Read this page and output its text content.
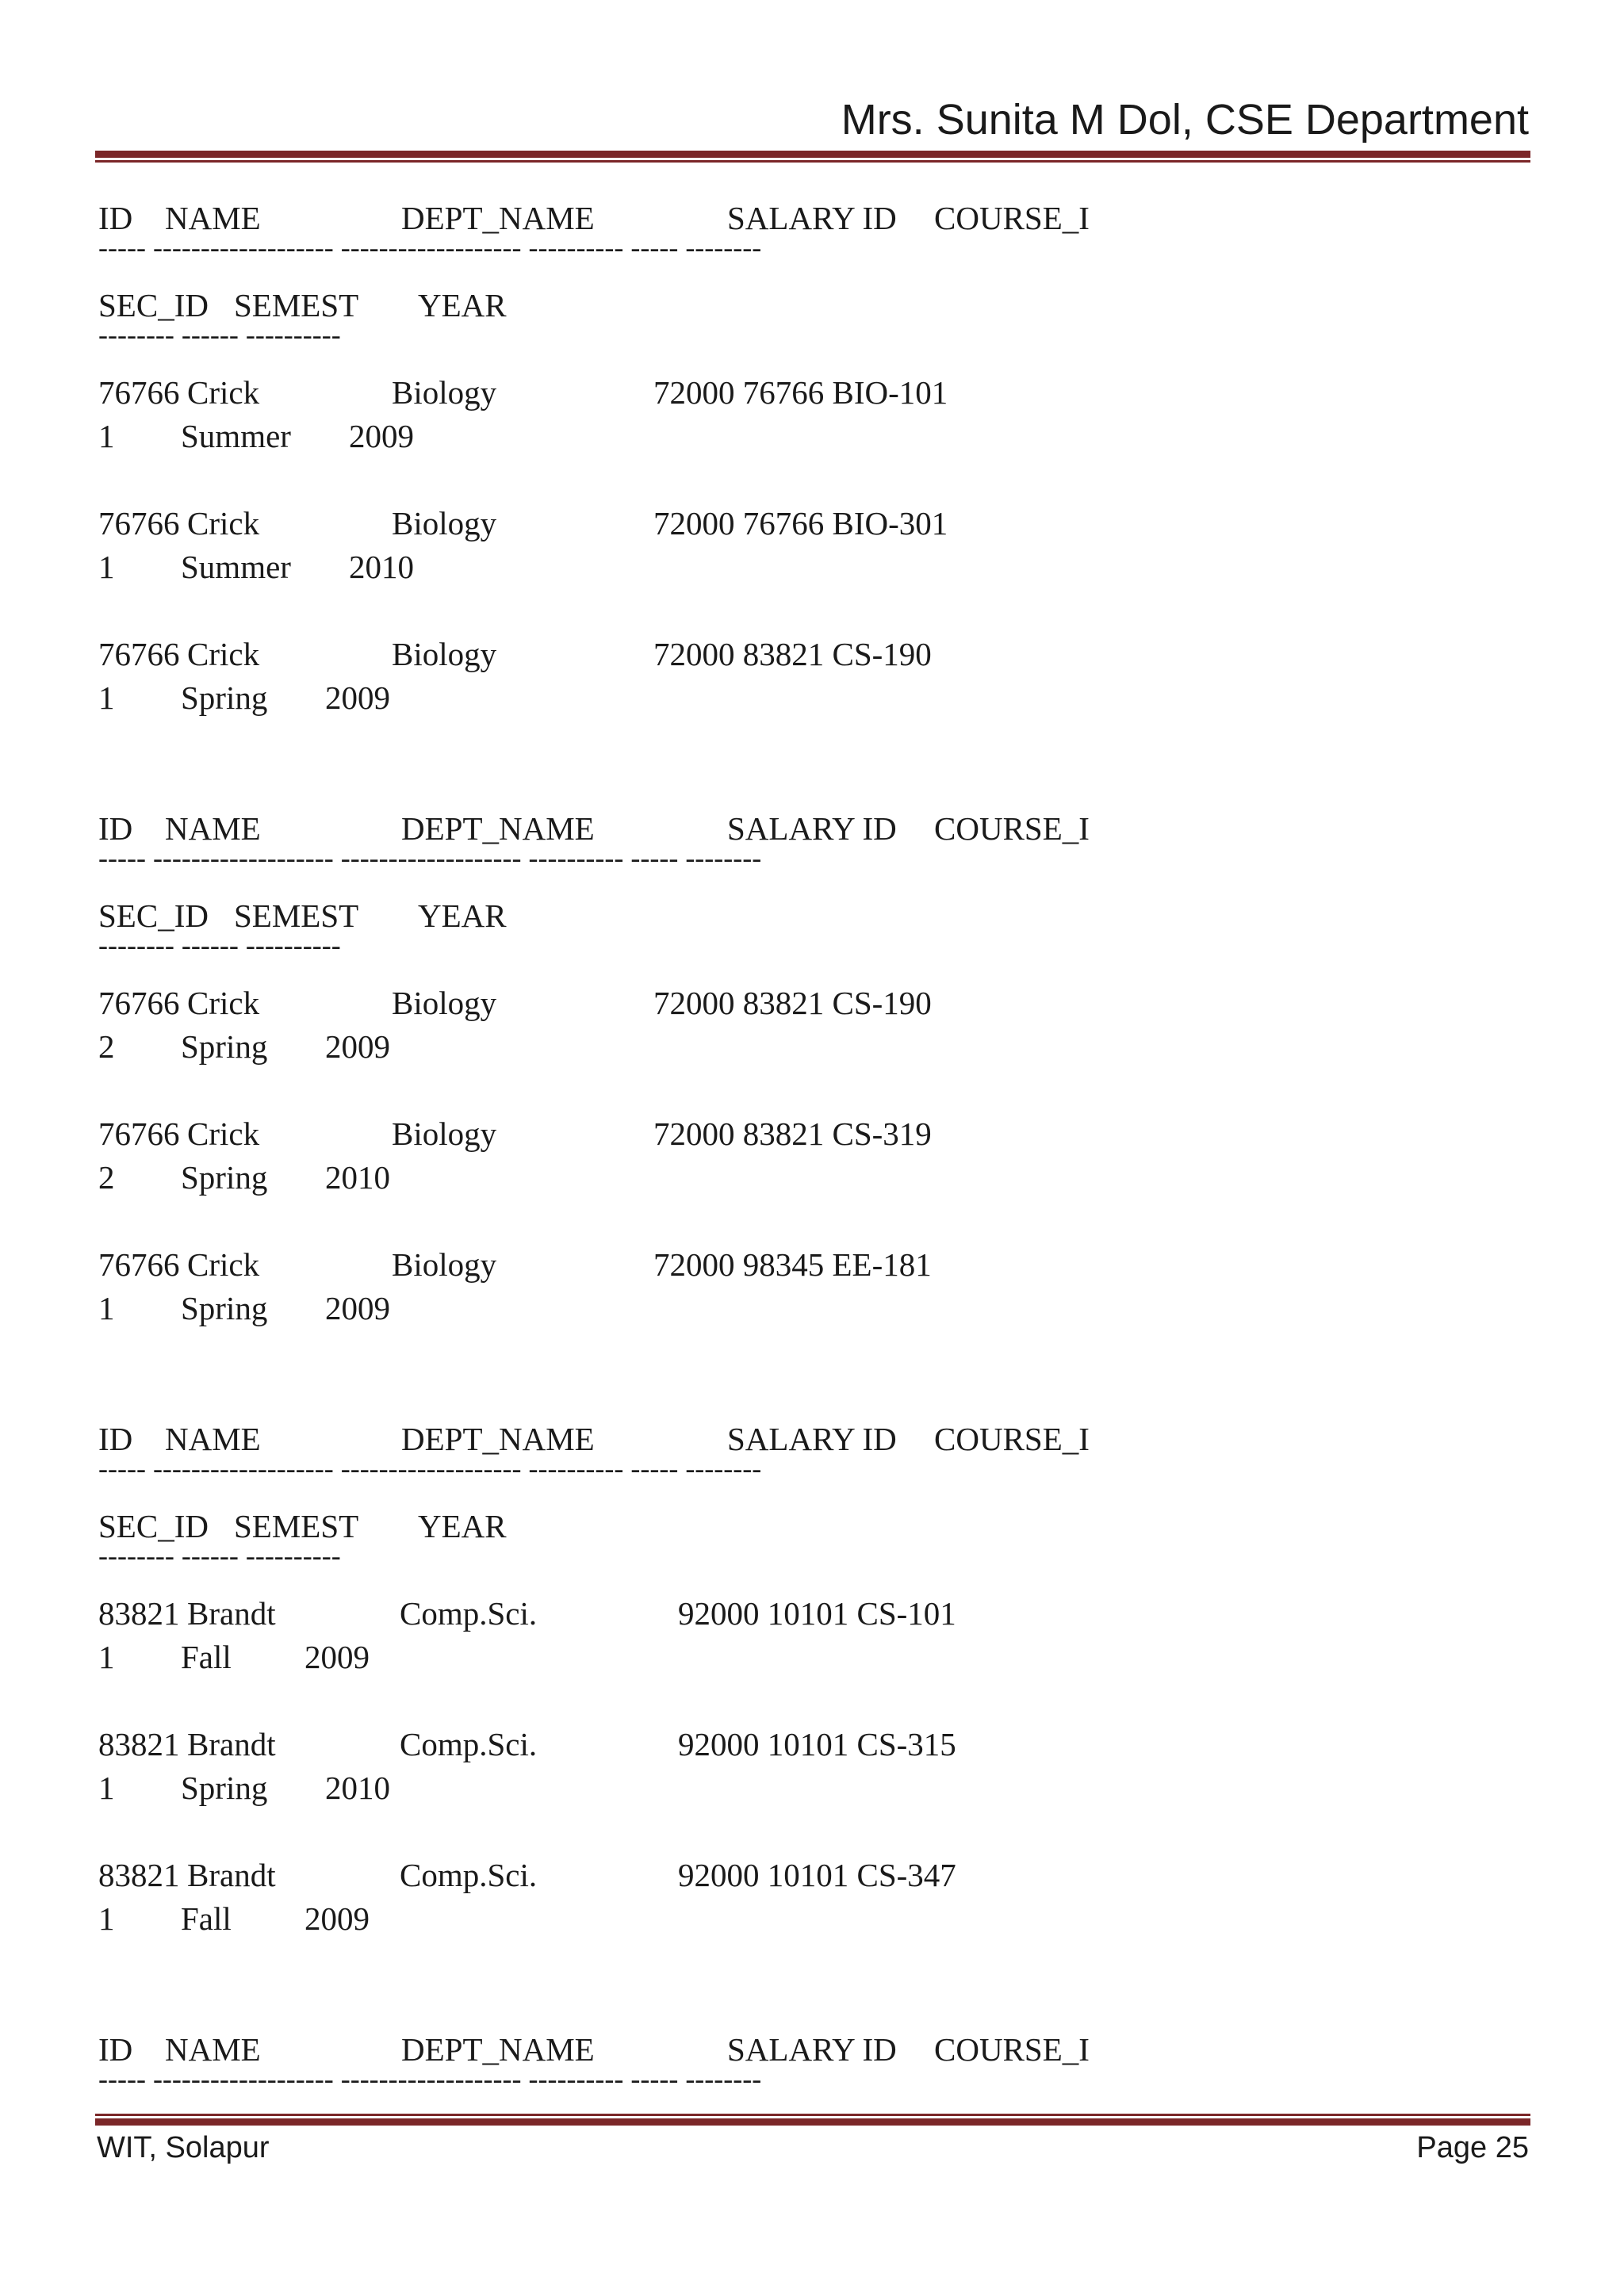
Mrs. Sunita M Dol, CSE Department
ID NAME	DEPT_NAME	SALARY ID COURSE_I
----- ------------------- ------------------- ---------- ----- --------
SEC_ID SEMEST YEAR
-------- ------ ----------
76766 Crick	Biology	72000 76766 BIO-101
1 Summer 2009
76766 Crick	Biology	72000 76766 BIO-301
1 Summer 2010
76766 Crick	Biology	72000 83821 CS-190
1 Spring 2009
ID NAME	DEPT_NAME	SALARY ID COURSE_I
----- ------------------- ------------------- ---------- ----- --------
SEC_ID SEMEST YEAR
-------- ------ ----------
76766 Crick	Biology	72000 83821 CS-190
2 Spring 2009
76766 Crick	Biology	72000 83821 CS-319
2 Spring 2010
76766 Crick	Biology	72000 98345 EE-181
1 Spring 2009
ID NAME	DEPT_NAME	SALARY ID COURSE_I
----- ------------------- ------------------- ---------- ----- --------
SEC_ID SEMEST YEAR
-------- ------ ----------
83821 Brandt	Comp.Sci.	92000 10101 CS-101
1 Fall 2009
83821 Brandt	Comp.Sci.	92000 10101 CS-315
1 Spring 2010
83821 Brandt	Comp.Sci.	92000 10101 CS-347
1 Fall 2009
ID NAME	DEPT_NAME	SALARY ID COURSE_I
----- ------------------- ------------------- ---------- ----- --------
WIT, Solapur	Page 25
